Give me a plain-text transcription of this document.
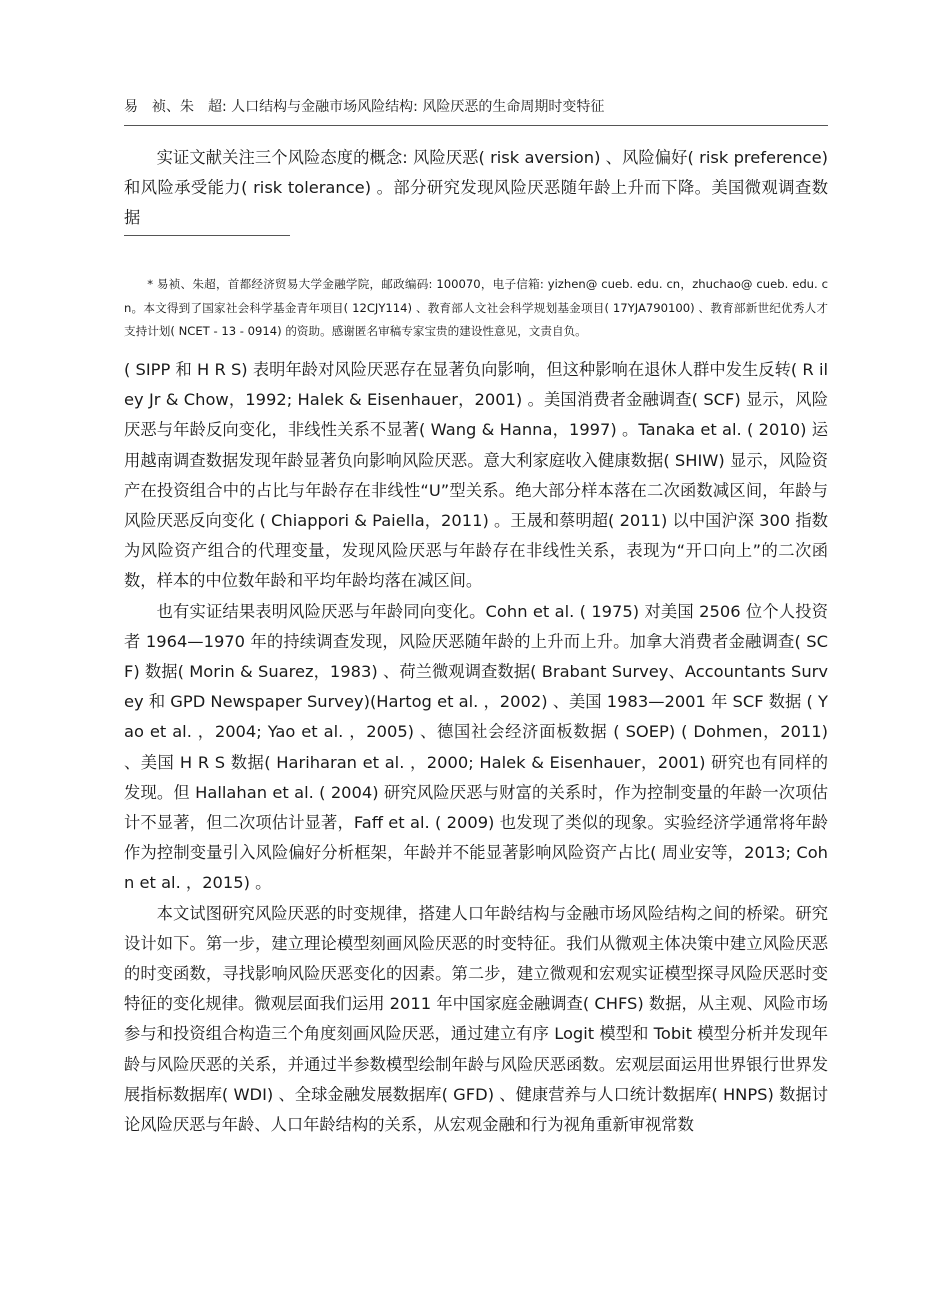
易　祯、朱　超: 人口结构与金融市场风险结构: 风险厌恶的生命周期时变特征

实证文献关注三个风险态度的概念: 风险厌恶( risk aversion) 、风险偏好( risk preference) 和风险承受能力( risk tolerance) 。部分研究发现风险厌恶随年龄上升而下降。美国微观调查数据

* 易祯、朱超，首都经济贸易大学金融学院，邮政编码: 100070，电子信箱: yizhen@ cueb. edu. cn，zhuchao@ cueb. edu. cn。本文得到了国家社会科学基金青年项目( 12CJY114) 、教育部人文社会科学规划基金项目( 17YJA790100) 、教育部新世纪优秀人才支持计划( NCET - 13 - 0914) 的资助。感谢匿名审稿专家宝贵的建设性意见，文责自负。

( SIPP 和 H R S) 表明年龄对风险厌恶存在显著负向影响，但这种影响在退休人群中发生反转( R iley Jr & Chow，1992; Halek & Eisenhauer，2001) 。美国消费者金融调查( SCF) 显示，风险厌恶与年龄反向变化，非线性关系不显著( Wang & Hanna，1997) 。Tanaka et al. ( 2010) 运用越南调查数据发现年龄显著负向影响风险厌恶。意大利家庭收入健康数据( SHIW) 显示，风险资产在投资组合中的占比与年龄存在非线性“U”型关系。绝大部分样本落在二次函数减区间，年龄与风险厌恶反向变化 ( Chiappori & Paiella，2011) 。王晟和蔡明超( 2011) 以中国沪深 300 指数为风险资产组合的代理变量，发现风险厌恶与年龄存在非线性关系，表现为“开口向上”的二次函数，样本的中位数年龄和平均年龄均落在减区间。

也有实证结果表明风险厌恶与年龄同向变化。Cohn et al. ( 1975) 对美国 2506 位个人投资者 1964—1970 年的持续调查发现，风险厌恶随年龄的上升而上升。加拿大消费者金融调查( SCF) 数据( Morin & Suarez，1983) 、荷兰微观调查数据( Brabant Survey、Accountants Survey 和 GPD Newspaper Survey)(Hartog et al. ，2002) 、美国 1983—2001 年 SCF 数据 ( Yao et al. ，2004; Yao et al. ，2005) 、德国社会经济面板数据 ( SOEP) ( Dohmen，2011) 、美国 H R S 数据( Hariharan et al. ，2000; Halek & Eisenhauer，2001) 研究也有同样的发现。但 Hallahan et al. ( 2004) 研究风险厌恶与财富的关系时，作为控制变量的年龄一次项估计不显著，但二次项估计显著，Faff et al. ( 2009) 也发现了类似的现象。实验经济学通常将年龄作为控制变量引入风险偏好分析框架，年龄并不能显著影响风险资产占比( 周业安等，2013; Cohn et al. ，2015) 。

本文试图研究风险厌恶的时变规律，搭建人口年龄结构与金融市场风险结构之间的桥梁。研究设计如下。第一步，建立理论模型刻画风险厌恶的时变特征。我们从微观主体决策中建立风险厌恶的时变函数，寻找影响风险厌恶变化的因素。第二步，建立微观和宏观实证模型探寻风险厌恶时变特征的变化规律。微观层面我们运用 2011 年中国家庭金融调查( CHFS) 数据，从主观、风险市场参与和投资组合构造三个角度刻画风险厌恶，通过建立有序 Logit 模型和 Tobit 模型分析并发现年龄与风险厌恶的关系，并通过半参数模型绘制年龄与风险厌恶函数。宏观层面运用世界银行世界发展指标数据库( WDI) 、全球金融发展数据库( GFD) 、健康营养与人口统计数据库( HNPS) 数据讨论风险厌恶与年龄、人口年龄结构的关系，从宏观金融和行为视角重新审视常数
